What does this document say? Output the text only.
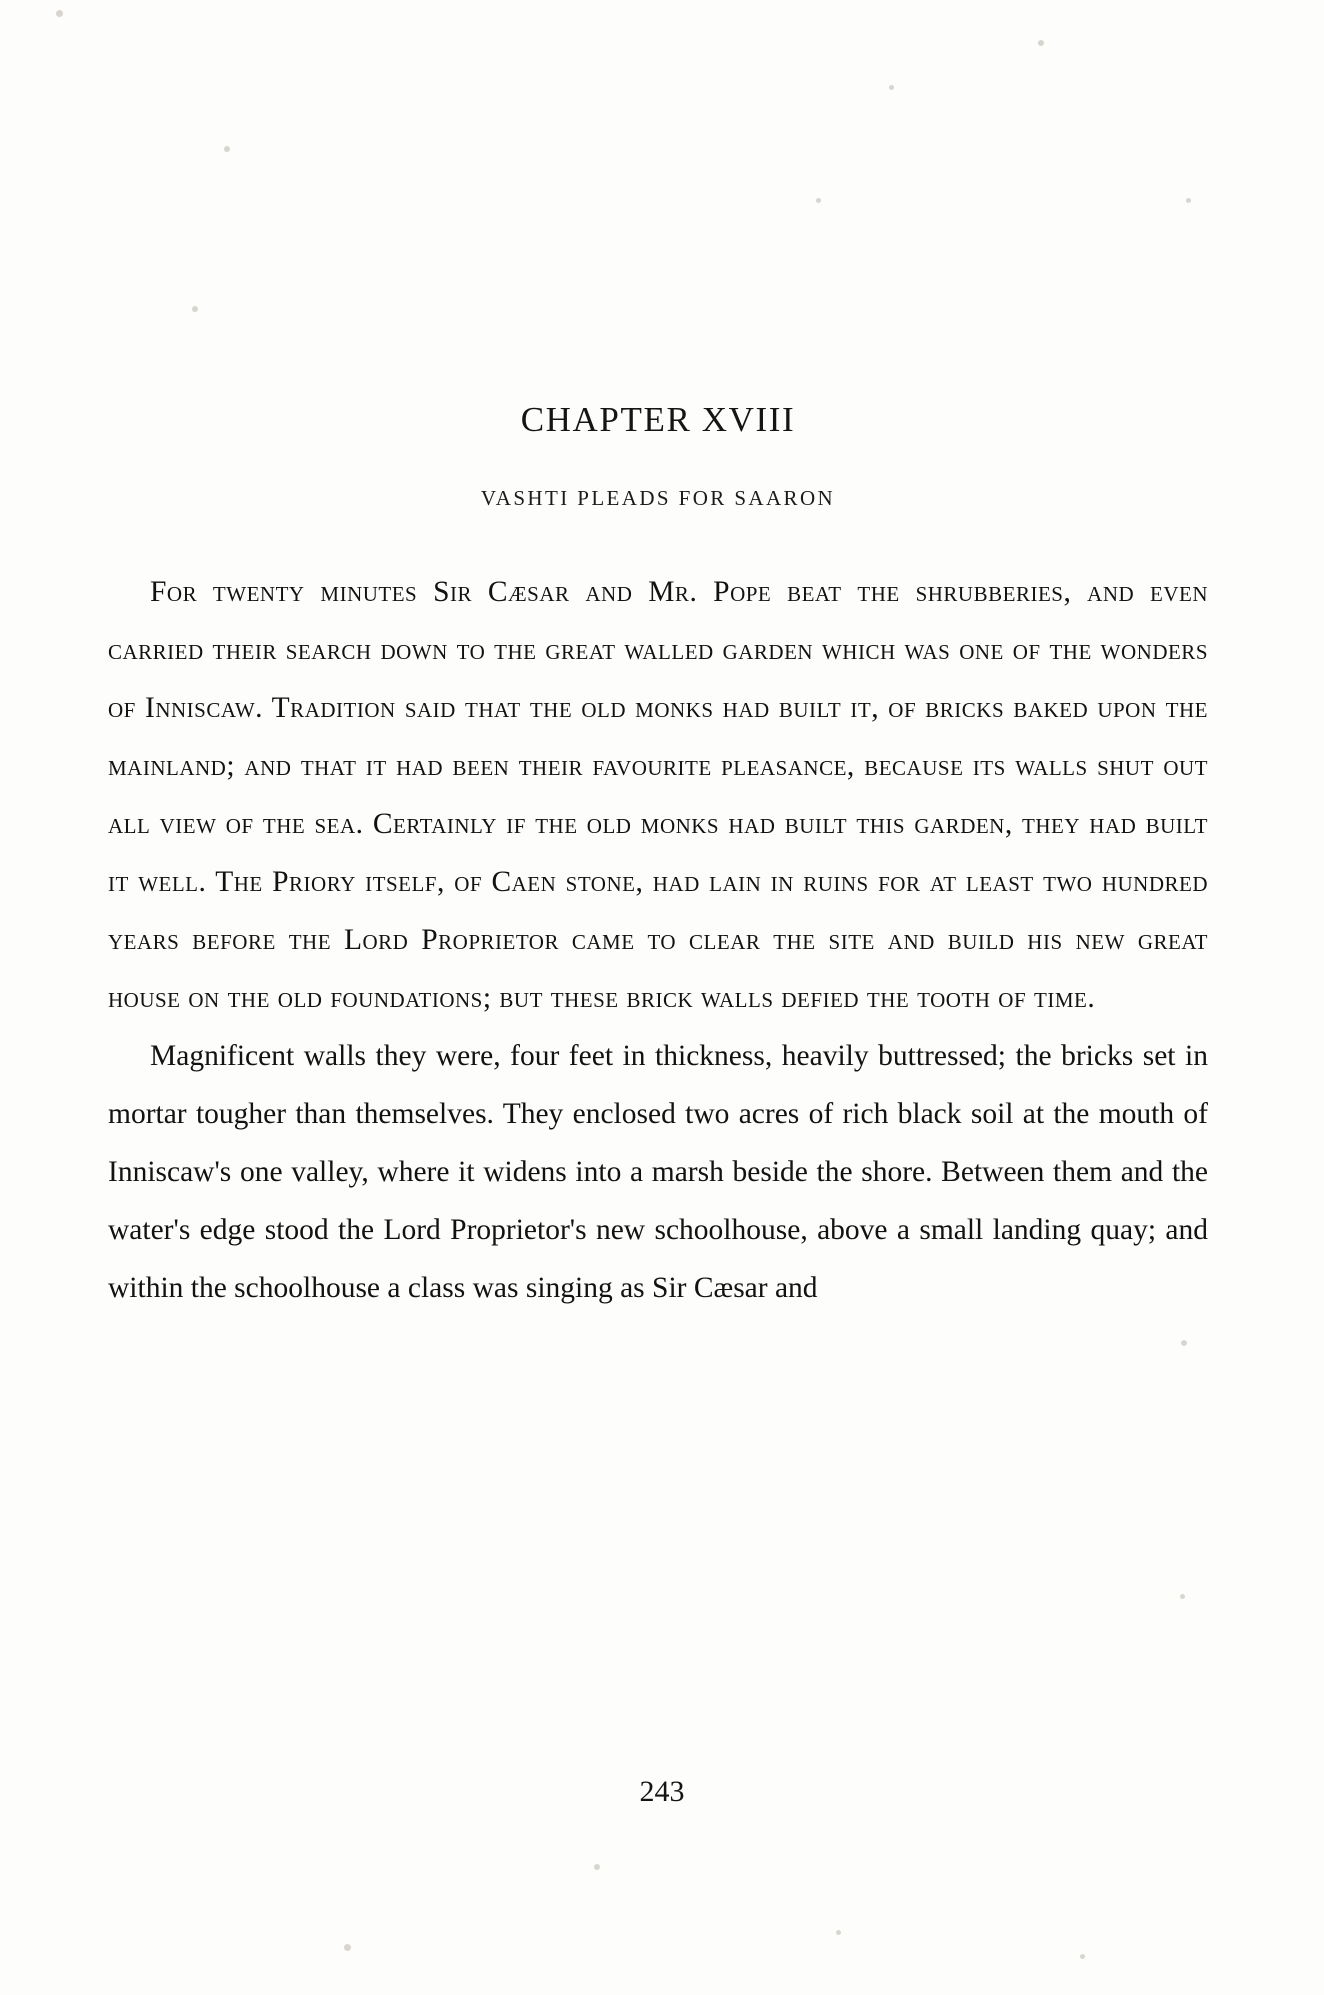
CHAPTER XVIII
VASHTI PLEADS FOR SAARON

For twenty minutes Sir Cæsar and Mr. Pope beat the shrubberies, and even carried their search down to the great walled garden which was one of the wonders of Inniscaw. Tradition said that the old monks had built it, of bricks baked upon the mainland; and that it had been their favourite pleasance, because its walls shut out all view of the sea. Certainly if the old monks had built this garden, they had built it well. The Priory itself, of Caen stone, had lain in ruins for at least two hundred years before the Lord Proprietor came to clear the site and build his new great house on the old foundations; but these brick walls defied the tooth of time.

Magnificent walls they were, four feet in thickness, heavily buttressed; the bricks set in mortar tougher than themselves. They enclosed two acres of rich black soil at the mouth of Inniscaw's one valley, where it widens into a marsh beside the shore. Between them and the water's edge stood the Lord Proprietor's new schoolhouse, above a small landing quay; and within the schoolhouse a class was singing as Sir Cæsar and

243
